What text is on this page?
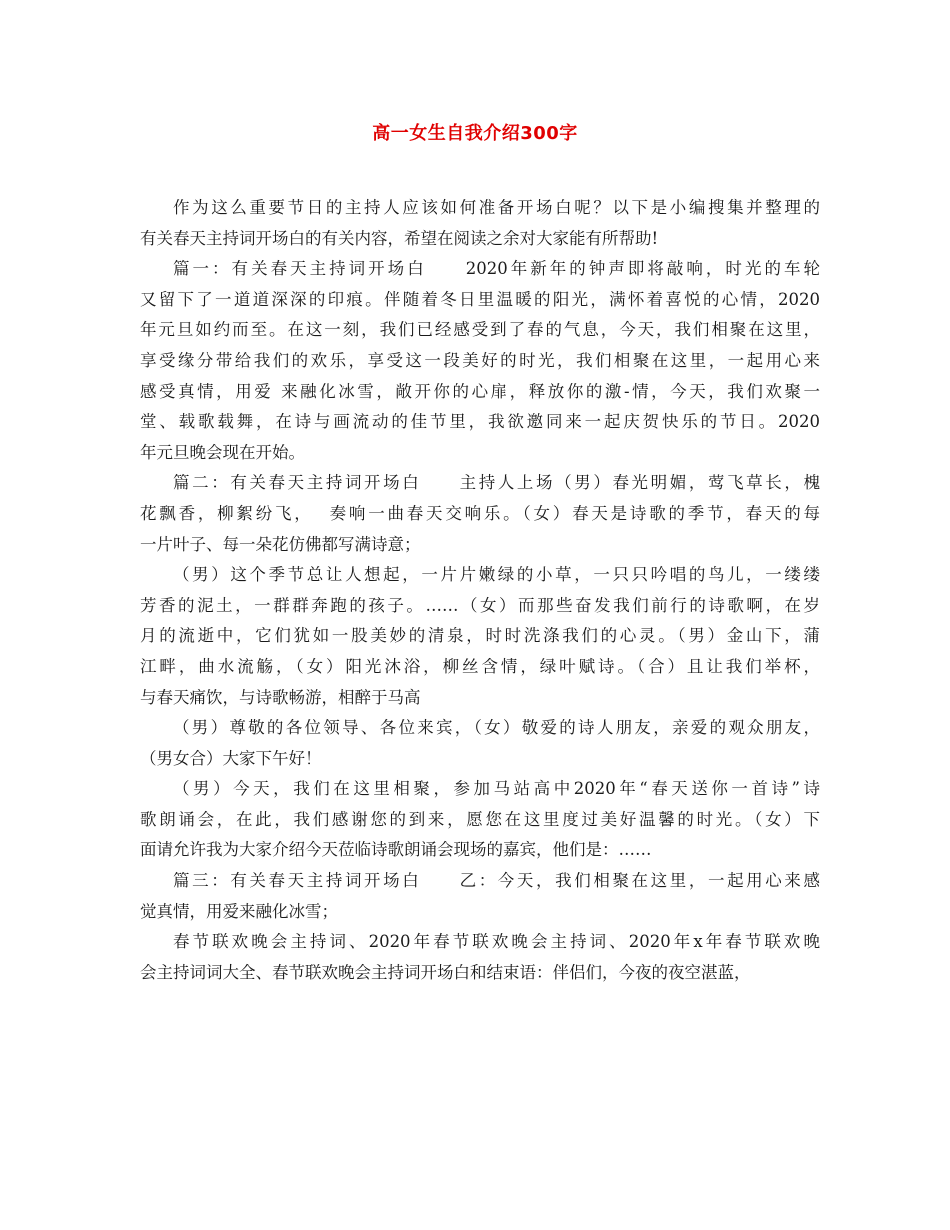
高一女生自我介绍300字
作为这么重要节日的主持人应该如何准备开场白呢？以下是小编搜集并整理的
有关春天主持词开场白的有关内容，希望在阅读之余对大家能有所帮助!
篇一：有关春天主持词开场白　　2020年新年的钟声即将敲响，时光的车轮
又留下了一道道深深的印痕。伴随着冬日里温暖的阳光，满怀着喜悦的心情，2020
年元旦如约而至。在这一刻，我们已经感受到了春的气息，今天，我们相聚在这里，
享受缘分带给我们的欢乐，享受这一段美好的时光，我们相聚在这里，一起用心来
感受真情，用爱 来融化冰雪，敞开你的心扉，释放你的激-情，今天，我们欢聚一
堂、载歌载舞，在诗与画流动的佳节里，我欲邀同来一起庆贺快乐的节日。2020
年元旦晚会现在开始。
篇二：有关春天主持词开场白　　主持人上场（男）春光明媚，莺飞草长，槐
花飘香，柳絮纷飞，  奏响一曲春天交响乐。（女）春天是诗歌的季节，春天的每
一片叶子、每一朵花仿佛都写满诗意；
（男）这个季节总让人想起，一片片嫩绿的小草，一只只吟唱的鸟儿，一缕缕
芳香的泥土，一群群奔跑的孩子。……（女）而那些奋发我们前行的诗歌啊，在岁
月的流逝中，它们犹如一股美妙的清泉，时时洗涤我们的心灵。（男）金山下，蒲
江畔，曲水流觞，（女）阳光沐浴，柳丝含情，绿叶赋诗。（合）且让我们举杯，
与春天痛饮，与诗歌畅游，相醉于马高
（男）尊敬的各位领导、各位来宾，（女）敬爱的诗人朋友，亲爱的观众朋友，
（男女合）大家下午好！
（男）今天，我们在这里相聚，参加马站高中2020年“春天送你一首诗”诗
歌朗诵会，在此，我们感谢您的到来，愿您在这里度过美好温馨的时光。（女）下
面请允许我为大家介绍今天莅临诗歌朗诵会现场的嘉宾，他们是：……
篇三：有关春天主持词开场白　　乙：今天，我们相聚在这里，一起用心来感
觉真情，用爱来融化冰雪；
春节联欢晚会主持词、2020年春节联欢晚会主持词、2020年x年春节联欢晚
会主持词词大全、春节联欢晚会主持词开场白和结束语：伴侣们，今夜的夜空湛蓝，
